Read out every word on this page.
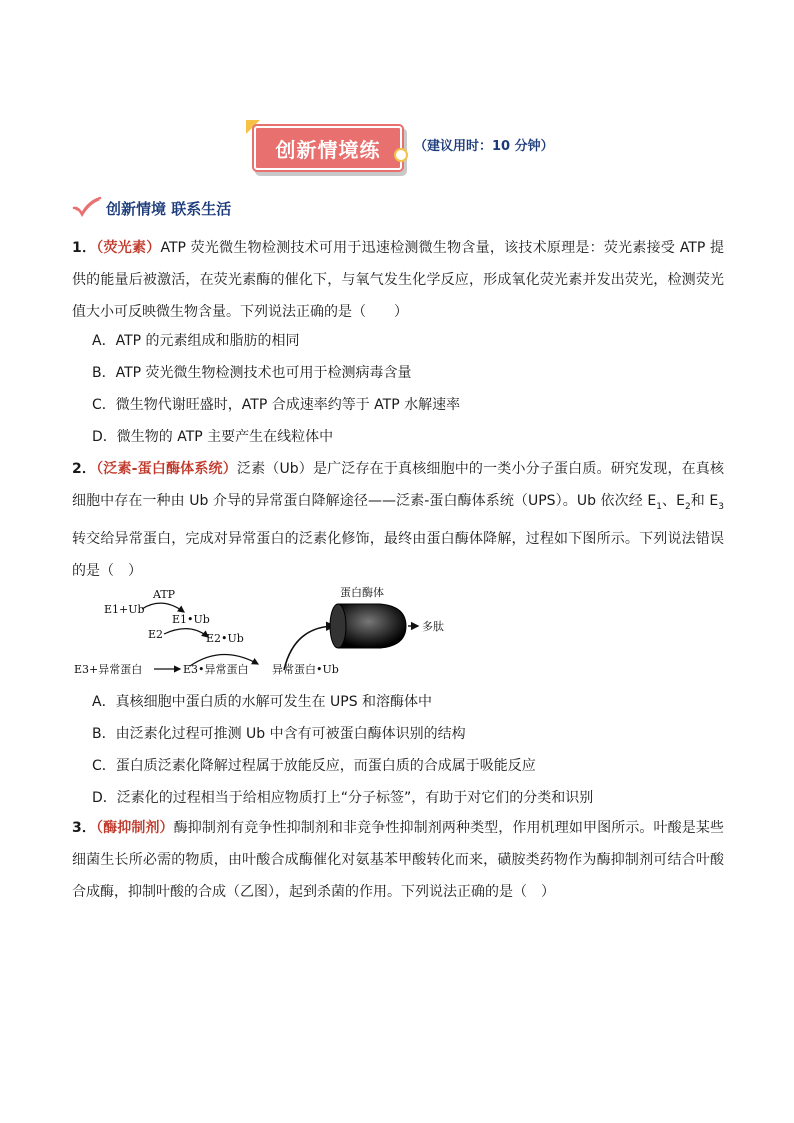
创新情境练	（建议用时：10 分钟）
创新情境 联系生活
1．（荧光素）ATP 荧光微生物检测技术可用于迅速检测微生物含量，该技术原理是：荧光素接受 ATP 提供的能量后被激活，在荧光素酶的催化下，与氧气发生化学反应，形成氧化荧光素并发出荧光，检测荧光值大小可反映微生物含量。下列说法正确的是（　　）
A．ATP 的元素组成和脂肪的相同
B．ATP 荧光微生物检测技术也可用于检测病毒含量
C．微生物代谢旺盛时，ATP 合成速率约等于 ATP 水解速率
D．微生物的 ATP 主要产生在线粒体中
2．（泛素-蛋白酶体系统）泛素（Ub）是广泛存在于真核细胞中的一类小分子蛋白质。研究发现，在真核细胞中存在一种由 Ub 介导的异常蛋白降解途径——泛素-蛋白酶体系统（UPS）。Ub 依次经 $E_1$、$E_2$和 $E_3$转交给异常蛋白，完成对异常蛋白的泛素化修饰，最终由蛋白酶体降解，过程如下图所示。下列说法错误的是（　）
ATP
E1+Ub
E1•Ub
E2	E2•Ub
E3+异常蛋白	E3•异常蛋白 异常蛋白•Ub
蛋白酶体
多肽
A．真核细胞中蛋白质的水解可发生在 UPS 和溶酶体中
B．由泛素化过程可推测 Ub 中含有可被蛋白酶体识别的结构
C．蛋白质泛素化降解过程属于放能反应，而蛋白质的合成属于吸能反应
D．泛素化的过程相当于给相应物质打上“分子标签”，有助于对它们的分类和识别
3．（酶抑制剂）酶抑制剂有竞争性抑制剂和非竞争性抑制剂两种类型，作用机理如甲图所示。叶酸是某些细菌生长所必需的物质，由叶酸合成酶催化对氨基苯甲酸转化而来，磺胺类药物作为酶抑制剂可结合叶酸合成酶，抑制叶酸的合成（乙图），起到杀菌的作用。下列说法正确的是（　）
